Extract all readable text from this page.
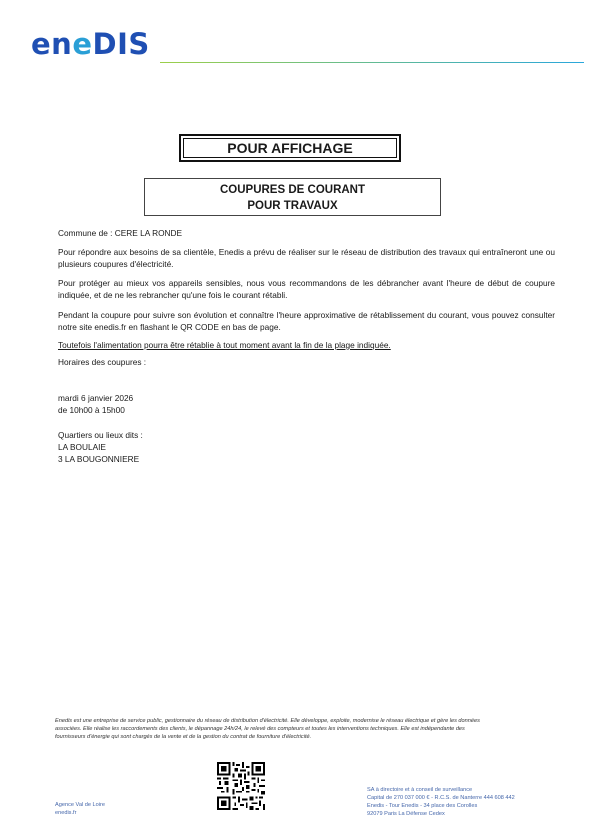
eneDIS
POUR AFFICHAGE
COUPURES DE COURANT
POUR TRAVAUX
Commune de : CERE LA RONDE
Pour répondre aux besoins de sa clientèle, Enedis a prévu de réaliser sur le réseau de distribution des travaux qui entraîneront une ou plusieurs coupures d'électricité.
Pour protéger au mieux vos appareils sensibles, nous vous recommandons de les débrancher avant l'heure de début de coupure indiquée, et de ne les rebrancher qu'une fois le courant rétabli.
Pendant la coupure pour suivre son évolution et connaître l'heure approximative de rétablissement du courant, vous pouvez consulter notre site enedis.fr en flashant le QR CODE en bas de page.
Toutefois l'alimentation pourra être rétablie à tout moment avant la fin de la plage indiquée.
Horaires des coupures :
mardi 6 janvier 2026
de 10h00 à 15h00
Quartiers ou lieux dits :
LA BOULAIE
3 LA BOUGONNIERE
Enedis est une entreprise de service public, gestionnaire du réseau de distribution d'électricité. Elle développe, exploite, modernise le réseau électrique et gère les données
associées. Elle réalise les raccordements des clients, le dépannage 24h/24, le relevé des compteurs et toutes les interventions techniques. Elle est indépendante des
fournisseurs d'énergie qui sont chargés de la vente et de la gestion du contrat de fourniture d'électricité.
Agence Val de Loire
enedis.fr
SA à directoire et à conseil de surveillance
Capital de 270 037 000 € - R.C.S. de Nanterre 444 608 442
Enedis - Tour Enedis - 34 place des Corolles
92079 Paris La Défense Cedex
